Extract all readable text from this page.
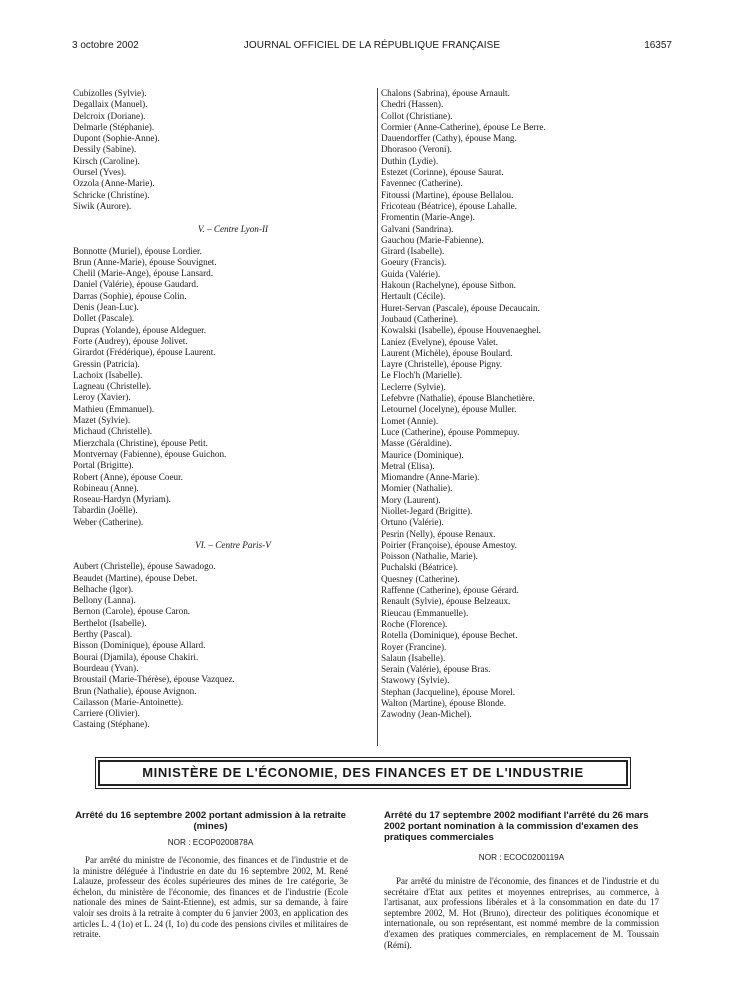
3 octobre 2002	JOURNAL OFFICIEL DE LA RÉPUBLIQUE FRANÇAISE	16357
Cubizolles (Sylvie).
Degallaix (Manuel).
Delcroix (Doriane).
Delmarle (Stéphanie).
Dupont (Sophie-Anne).
Dessily (Sabine).
Kirsch (Caroline).
Oursel (Yves).
Ozzola (Anne-Marie).
Schricke (Christine).
Siwik (Aurore).
V. – Centre Lyon-II
Bonnotte (Muriel), épouse Lordier.
Brun (Anne-Marie), épouse Souvignet.
Chelil (Marie-Ange), épouse Lansard.
Daniel (Valérie), épouse Gaudard.
Darras (Sophie), épouse Colin.
Denis (Jean-Luc).
Dollet (Pascale).
Dupras (Yolande), épouse Aldeguer.
Forte (Audrey), épouse Jolivet.
Girardot (Frédérique), épouse Laurent.
Gressin (Patricia).
Lachoix (Isabelle).
Lagneau (Christelle).
Leroy (Xavier).
Mathieu (Emmanuel).
Mazet (Sylvie).
Michaud (Christelle).
Mierzchala (Christine), épouse Petit.
Montvernay (Fabienne), épouse Guichon.
Portal (Brigitte).
Robert (Anne), épouse Coeur.
Robineau (Anne).
Roseau-Hardyn (Myriam).
Tabardin (Joëlle).
Weber (Catherine).
VI. – Centre Paris-V
Aubert (Christelle), épouse Sawadogo.
Beaudet (Martine), épouse Debet.
Belhache (Igor).
Bellony (Lanna).
Bernon (Carole), épouse Caron.
Berthelot (Isabelle).
Berthy (Pascal).
Bisson (Dominique), épouse Allard.
Bourai (Djamila), épouse Chakiri.
Bourdeau (Yvan).
Broustail (Marie-Thérèse), épouse Vazquez.
Brun (Nathalie), épouse Avignon.
Cailasson (Marie-Antoinette).
Carriere (Olivier).
Castaing (Stéphane).
Chalons (Sabrina), épouse Arnault.
Chedri (Hassen).
Collot (Christiane).
Cormier (Anne-Catherine), épouse Le Berre.
Dauendorffer (Cathy), épouse Mang.
Dhorasoo (Veroni).
Duthin (Lydie).
Estezet (Corinne), épouse Saurat.
Favennec (Catherine).
Fitoussi (Martine), épouse Bellalou.
Fricoteau (Béatrice), épouse Lahalle.
Fromentin (Marie-Ange).
Galvani (Sandrina).
Gauchou (Marie-Fabienne).
Girard (Isabelle).
Goeury (Francis).
Guida (Valérie).
Hakoun (Rachelyne), épouse Sitbon.
Hertault (Cécile).
Huret-Servan (Pascale), épouse Decaucain.
Joubaud (Catherine).
Kowalski (Isabelle), épouse Houvenaeghel.
Laniez (Evelyne), épouse Valet.
Laurent (Michèle), épouse Boulard.
Layre (Christelle), épouse Pigny.
Le Floch'h (Marielle).
Leclerre (Sylvie).
Lefebvre (Nathalie), épouse Blanchetière.
Letournel (Jocelyne), épouse Muller.
Lomet (Annie).
Luce (Catherine), épouse Pommepuy.
Masse (Géraldine).
Maurice (Dominique).
Metral (Elisa).
Miomandre (Anne-Marie).
Momier (Nathalie).
Mory (Laurent).
Niollet-Jegard (Brigitte).
Ortuno (Valérie).
Pesrin (Nelly), épouse Renaux.
Poirier (Françoise), épouse Amestoy.
Poisson (Nathalie, Marie).
Puchalski (Béatrice).
Quesney (Catherine).
Raffenne (Catherine), épouse Gérard.
Renault (Sylvie), épouse Belzeaux.
Rieucau (Emmanuelle).
Roche (Florence).
Rotella (Dominique), épouse Bechet.
Royer (Francine).
Salaun (Isabelle).
Serain (Valérie), épouse Bras.
Stawowy (Sylvie).
Stephan (Jacqueline), épouse Morel.
Walton (Martine), épouse Blonde.
Zawodny (Jean-Michel).
MINISTÈRE DE L'ÉCONOMIE, DES FINANCES ET DE L'INDUSTRIE
Arrêté du 16 septembre 2002 portant admission à la retraite (mines)
NOR : ECOP0200878A
Par arrêté du ministre de l'économie, des finances et de l'industrie et de la ministre déléguée à l'industrie en date du 16 septembre 2002, M. René Lalauze, professeur des écoles supérieures des mines de 1re catégorie, 3e échelon, du ministère de l'économie, des finances et de l'industrie (Ecole nationale des mines de Saint-Etienne), est admis, sur sa demande, à faire valoir ses droits à la retraite à compter du 6 janvier 2003, en application des articles L. 4 (1o) et L. 24 (I, 1o) du code des pensions civiles et militaires de retraite.
Arrêté du 17 septembre 2002 modifiant l'arrêté du 26 mars 2002 portant nomination à la commission d'examen des pratiques commerciales
NOR : ECOC0200119A
Par arrêté du ministre de l'économie, des finances et de l'industrie et du secrétaire d'Etat aux petites et moyennes entreprises, au commerce, à l'artisanat, aux professions libérales et à la consommation en date du 17 septembre 2002, M. Hot (Bruno), directeur des politiques économique et internationale, ou son représentant, est nommé membre de la commission d'examen des pratiques commerciales, en remplacement de M. Toussain (Rémi).
